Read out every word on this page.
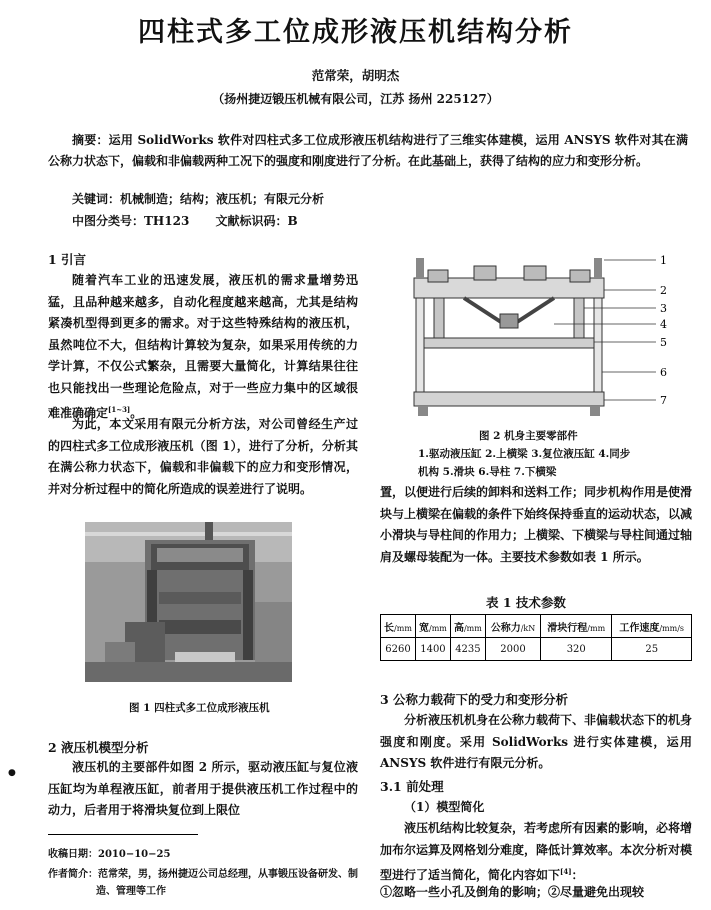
四柱式多工位成形液压机结构分析
范常荣，胡明杰
（扬州捷迈锻压机械有限公司，江苏 扬州 225127）
摘要：运用 SolidWorks 软件对四柱式多工位成形液压机结构进行了三维实体建模，运用 ANSYS 软件对其在满公称力状态下，偏载和非偏载两种工况下的强度和刚度进行了分析。在此基础上，获得了结构的应力和变形分析。
关键词：机械制造；结构；液压机；有限元分析
中图分类号：TH123 文献标识码：B
1 引言
随着汽车工业的迅速发展，液压机的需求量增势迅猛，且品种越来越多，自动化程度越来越高，尤其是结构紧凑机型得到更多的需求。对于这些特殊结构的液压机，虽然吨位不大，但结构计算较为复杂，如果采用传统的力学计算，不仅公式繁杂，且需要大量简化，计算结果往往也只能找出一些理论危险点，对于一些应力集中的区域很难准确确定[1~3]。
为此，本文采用有限元分析方法，对公司曾经生产过的四柱式多工位成形液压机（图 1），进行了分析，分析其在满公称力状态下，偏载和非偏载下的应力和变形情况，并对分析过程中的简化所造成的误差进行了说明。
图 1 四柱式多工位成形液压机
2 液压机模型分析
液压机的主要部件如图 2 所示，驱动液压缸与复位液压缸均为单程液压缸，前者用于提供液压机工作过程中的动力，后者用于将滑块复位到上限位
●
收稿日期：2010−10−25
作者简介：范常荣，男，扬州捷迈公司总经理，从事锻压设备研发、制
造、管理等工作
1
2
3
4
5
6
7
图 2 机身主要零部件
1.驱动液压缸 2.上横梁 3.复位液压缸 4.同步
机构 5.滑块 6.导柱 7.下横梁
置，以便进行后续的卸料和送料工作；同步机构作用是使滑块与上横梁在偏载的条件下始终保持垂直的运动状态，以减小滑块与导柱间的作用力；上横梁、下横梁与导柱间通过轴肩及螺母装配为一体。主要技术参数如表 1 所示。
表 1 技术参数
长/mm	宽/mm	高/mm	公称力/kN	滑块行程/mm	工作速度/mm/s
6260	1400	4235	2000	320	25
3 公称力载荷下的受力和变形分析
分析液压机机身在公称力载荷下、非偏载状态下的机身强度和刚度。采用 SolidWorks 进行实体建模，运用 ANSYS 软件进行有限元分析。
3.1 前处理
（1）模型简化
液压机结构比较复杂，若考虑所有因素的影响，必将增加布尔运算及网格划分难度，降低计算效率。本次分析对模型进行了适当简化，简化内容如下[4]：
①忽略一些小孔及倒角的影响；②尽量避免出现较
